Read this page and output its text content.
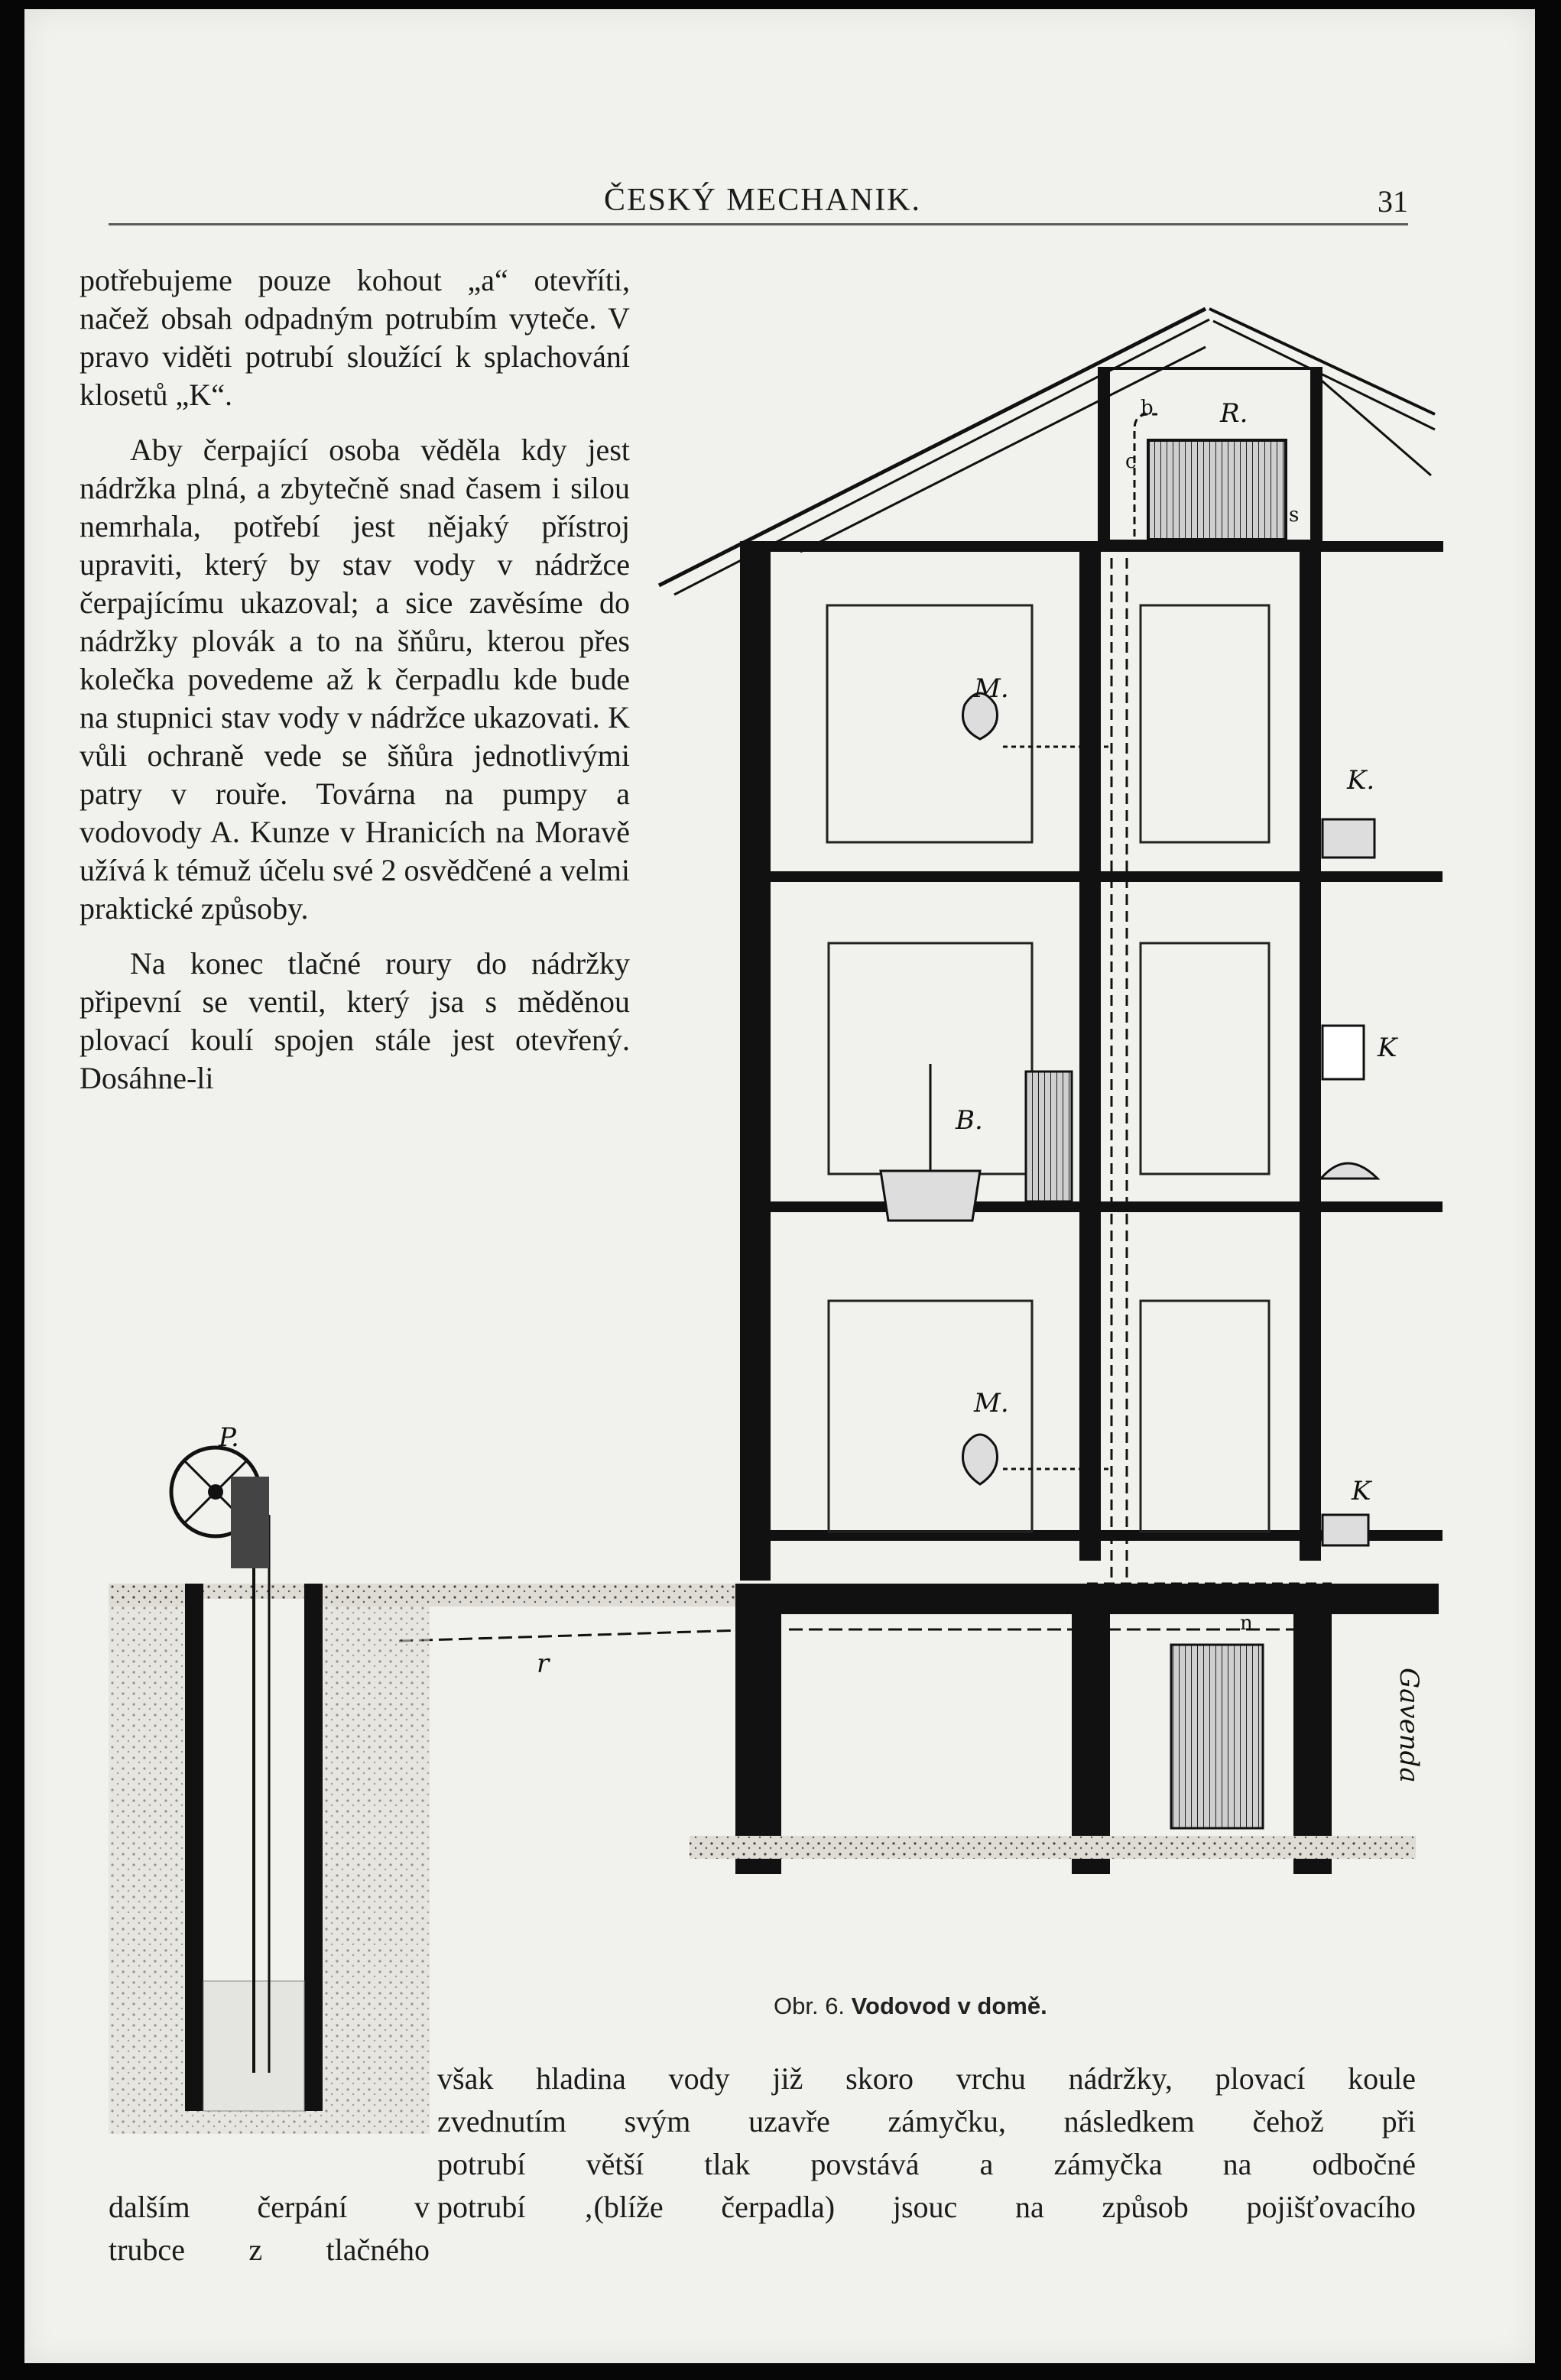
ČESKÝ MECHANIK.	31
R.
b
c
s
M.
B.
M.
K.
K
K
r
n
P.
Gavenda

potřebujeme pouze kohout „a“ otevříti, načež obsah odpadným potrubím vyteče. V pravo viděti potrubí sloužící k splachování klosetů „K“.

Aby čerpající osoba věděla kdy jest nádržka plná, a zbytečně snad časem i silou nemrhala, potřebí jest nějaký přístroj upraviti, který by stav vody v nádržce čerpajícímu ukazoval; a sice zavěsíme do nádržky plovák a to na šňůru, kterou přes kolečka povedeme až k čerpadlu kde bude na stupnici stav vody v nádržce ukazovati. K vůli ochraně vede se šňůra jednotlivými patry v rouře. Továrna na pumpy a vodovody A. Kunze v Hranicích na Moravě užívá k témuž účelu své 2 osvědčené a velmi praktické způsoby.

Na konec tlačné roury do nádržky připevní se ventil, který jsa s měděnou plovací koulí spojen stále jest otevřený. Dosáhne-li

Obr. 6. Vodovod v domě.
však hladina vody již skoro vrchu nádržky, plovací koule
zvednutím svým uzavře zámyčku, následkem čehož při
potrubí větší tlak povstává a zámyčka na odbočné
potrubí ‚(blíže čerpadla) jsouc na způsob pojišťovacího
dalším čerpání v
trubce z tlačného
